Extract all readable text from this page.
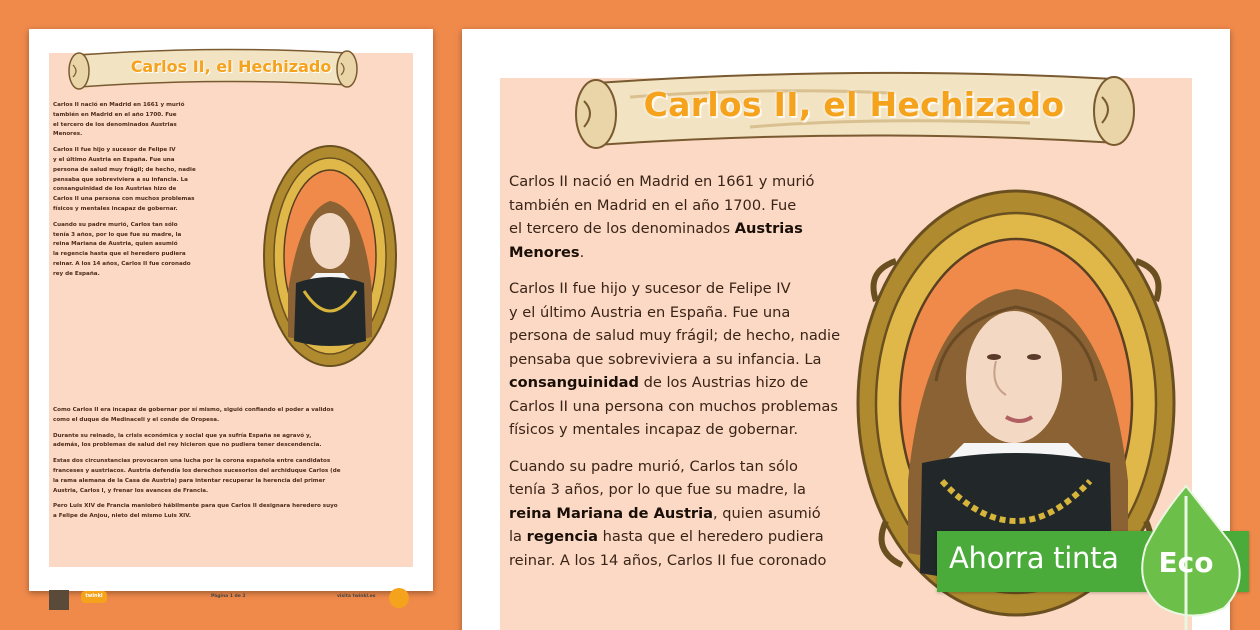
Carlos II, el Hechizado

Carlos II nació en Madrid en 1661 y murió
también en Madrid en el año 1700. Fue
el tercero de los denominados Austrias
Menores.

Carlos II fue hijo y sucesor de Felipe IV
y el último Austria en España. Fue una
persona de salud muy frágil; de hecho, nadie
pensaba que sobreviviera a su infancia. La
consanguinidad de los Austrias hizo de
Carlos II una persona con muchos problemas
físicos y mentales incapaz de gobernar.

Cuando su padre murió, Carlos tan sólo
tenía 3 años, por lo que fue su madre, la
reina Mariana de Austria, quien asumió
la regencia hasta que el heredero pudiera
reinar. A los 14 años, Carlos II fue coronado
rey de España.

Como Carlos II era incapaz de gobernar por sí mismo, siguió confiando el poder a validos
como el duque de Medinaceli y el conde de Oropesa.

Durante su reinado, la crisis económica y social que ya sufría España se agravó y,
además, los problemas de salud del rey hicieron que no pudiera tener descendencia.

Estas dos circunstancias provocaron una lucha por la corona española entre candidatos
franceses y austriacos. Austria defendía los derechos sucesorios del archiduque Carlos (de
la rama alemana de la Casa de Austria) para intentar recuperar la herencia del primer
Austria, Carlos I, y frenar los avances de Francia.

Pero Luis XIV de Francia maniobró hábilmente para que Carlos II designara heredero suyo
a Felipe de Anjou, nieto del mismo Luis XIV.

twinkl	Página 1 de 2	visita twinkl.es
Carlos II, el Hechizado

Carlos II nació en Madrid en 1661 y murió
también en Madrid en el año 1700. Fue
el tercero de los denominados Austrias
Menores.

Carlos II fue hijo y sucesor de Felipe IV
y el último Austria en España. Fue una
persona de salud muy frágil; de hecho, nadie
pensaba que sobreviviera a su infancia. La
consanguinidad de los Austrias hizo de
Carlos II una persona con muchos problemas
físicos y mentales incapaz de gobernar.

Cuando su padre murió, Carlos tan sólo
tenía 3 años, por lo que fue su madre, la
reina Mariana de Austria, quien asumió
la regencia hasta que el heredero pudiera
reinar. A los 14 años, Carlos II fue coronado	Ahorra tinta Eco
